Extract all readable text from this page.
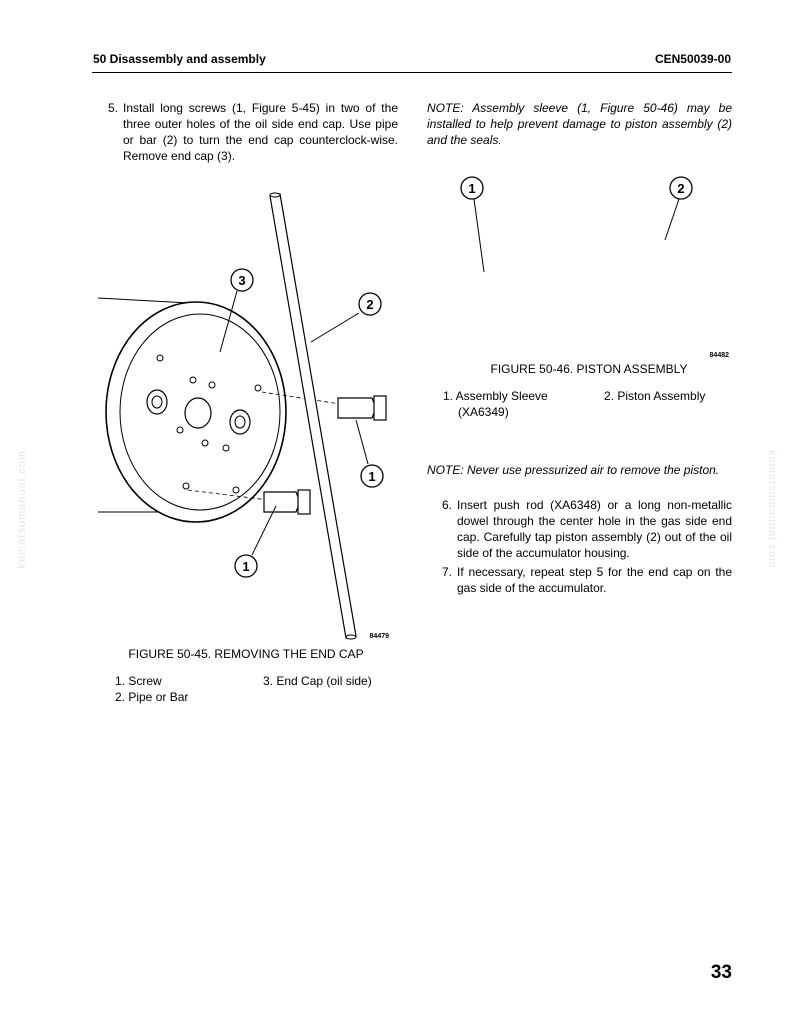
50 Disassembly and assembly	CEN50039-00
komatsumanual.com	komatsumanual.com
5. Install long screws (1, Figure 5-45) in two of the three outer holes of the oil side end cap. Use pipe or bar (2) to turn the end cap counterclock-wise. Remove end cap (3).
3
2
1
1
84479
FIGURE 50-45. REMOVING THE END CAP
1. Screw
2. Pipe or Bar
3. End Cap (oil side)
NOTE: Assembly sleeve (1, Figure 50-46) may be installed to help prevent damage to piston assembly (2) and the seals.
1	2
84482
FIGURE 50-46. PISTON ASSEMBLY
1. Assembly Sleeve
(XA6349)
2. Piston Assembly
NOTE: Never use pressurized air to remove the piston.
6. Insert push rod (XA6348) or a long non-metallic dowel through the center hole in the gas side end cap. Carefully tap piston assembly (2) out of the oil side of the accumulator housing.
7. If necessary, repeat step 5 for the end cap on the gas side of the accumulator.
33
